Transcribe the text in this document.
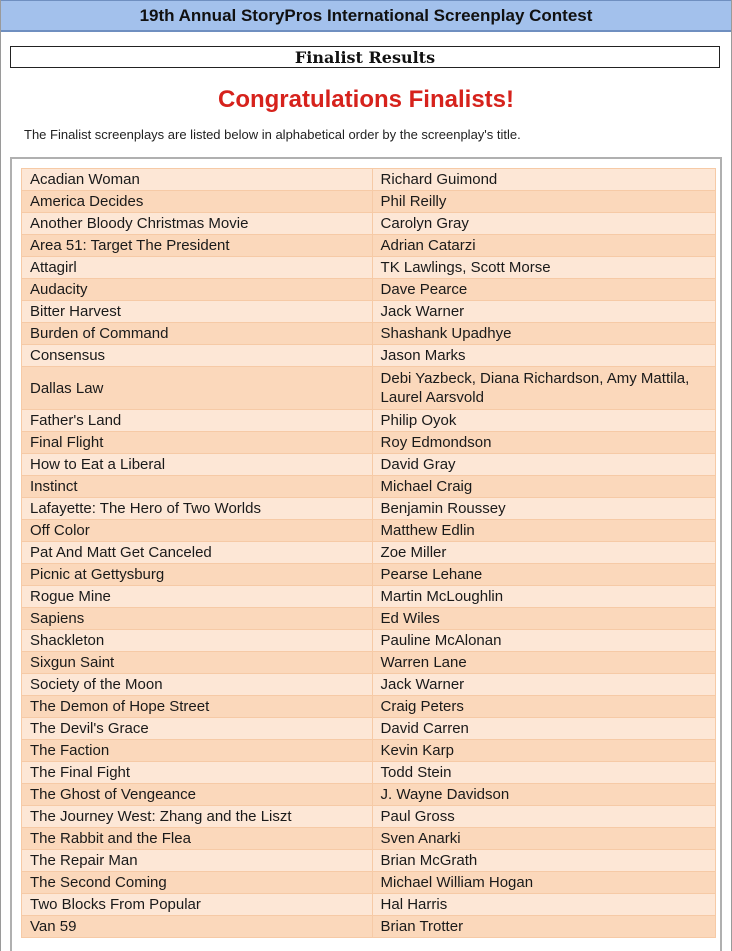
19th Annual StoryPros International Screenplay Contest
Finalist Results
Congratulations Finalists!
The Finalist screenplays are listed below in alphabetical order by the screenplay's title.
Acadian Woman	Richard Guimond
America Decides	Phil Reilly
Another Bloody Christmas Movie	Carolyn Gray
Area 51: Target The President	Adrian Catarzi
Attagirl	TK Lawlings, Scott Morse
Audacity	Dave Pearce
Bitter Harvest	Jack Warner
Burden of Command	Shashank Upadhye
Consensus	Jason Marks
Dallas Law	Debi Yazbeck, Diana Richardson, Amy Mattila, Laurel Aarsvold
Father's Land	Philip Oyok
Final Flight	Roy Edmondson
How to Eat a Liberal	David Gray
Instinct	Michael Craig
Lafayette: The Hero of Two Worlds	Benjamin Roussey
Off Color	Matthew Edlin
Pat And Matt Get Canceled	Zoe Miller
Picnic at Gettysburg	Pearse Lehane
Rogue Mine	Martin McLoughlin
Sapiens	Ed Wiles
Shackleton	Pauline McAlonan
Sixgun Saint	Warren Lane
Society of the Moon	Jack Warner
The Demon of Hope Street	Craig Peters
The Devil's Grace	David Carren
The Faction	Kevin Karp
The Final Fight	Todd Stein
The Ghost of Vengeance	J. Wayne Davidson
The Journey West: Zhang and the Liszt	Paul Gross
The Rabbit and the Flea	Sven Anarki
The Repair Man	Brian McGrath
The Second Coming	Michael William Hogan
Two Blocks From Popular	Hal Harris
Van 59	Brian Trotter
